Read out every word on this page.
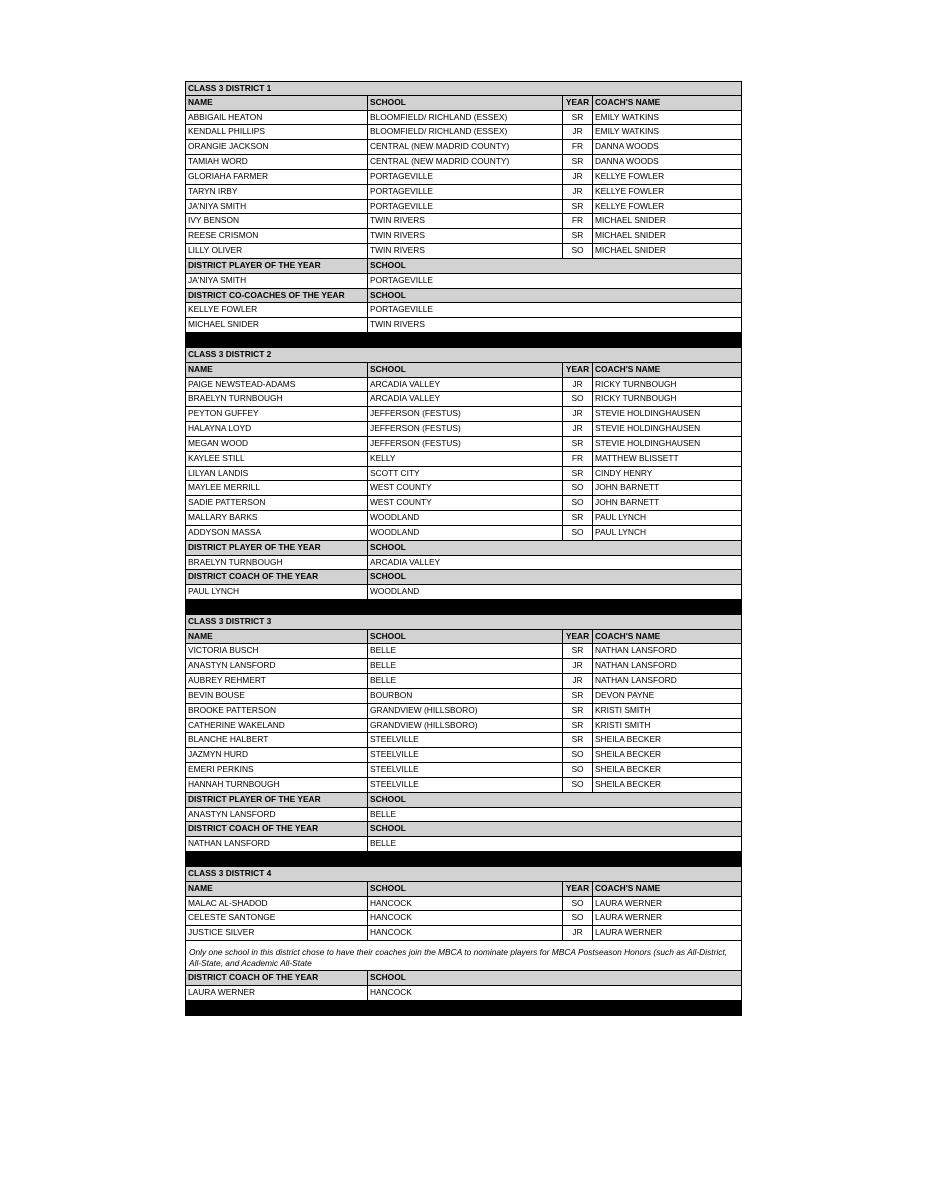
CLASS 3 DISTRICT 1
NAME	SCHOOL	YEAR COACH'S NAME
ABBIGAIL HEATON	BLOOMFIELD/ RICHLAND (ESSEX)	SR	EMILY WATKINS
KENDALL PHILLIPS	BLOOMFIELD/ RICHLAND (ESSEX)	JR	EMILY WATKINS
ORANGIE JACKSON	CENTRAL (NEW MADRID COUNTY)	FR	DANNA WOODS
TAMIAH WORD	CENTRAL (NEW MADRID COUNTY)	SR	DANNA WOODS
GLORIAHA FARMER	PORTAGEVILLE	JR	KELLYE FOWLER
TARYN IRBY	PORTAGEVILLE	JR	KELLYE FOWLER
JA'NIYA SMITH	PORTAGEVILLE	SR	KELLYE FOWLER
IVY BENSON	TWIN RIVERS	FR	MICHAEL SNIDER
REESE CRISMON	TWIN RIVERS	SR	MICHAEL SNIDER
LILLY OLIVER	TWIN RIVERS	SO	MICHAEL SNIDER
DISTRICT PLAYER OF THE YEAR	SCHOOL
JA'NIYA SMITH	PORTAGEVILLE
DISTRICT CO-COACHES OF THE YEAR	SCHOOL
KELLYE FOWLER	PORTAGEVILLE
MICHAEL SNIDER	TWIN RIVERS
CLASS 3 DISTRICT 2
NAME	SCHOOL	YEAR COACH'S NAME
PAIGE NEWSTEAD-ADAMS	ARCADIA VALLEY	JR	RICKY TURNBOUGH
BRAELYN TURNBOUGH	ARCADIA VALLEY	SO	RICKY TURNBOUGH
PEYTON GUFFEY	JEFFERSON (FESTUS)	JR	STEVIE HOLDINGHAUSEN
HALAYNA LOYD	JEFFERSON (FESTUS)	JR	STEVIE HOLDINGHAUSEN
MEGAN WOOD	JEFFERSON (FESTUS)	SR	STEVIE HOLDINGHAUSEN
KAYLEE STILL	KELLY	FR	MATTHEW BLISSETT
LILYAN LANDIS	SCOTT CITY	SR	CINDY HENRY
MAYLEE MERRILL	WEST COUNTY	SO	JOHN BARNETT
SADIE PATTERSON	WEST COUNTY	SO	JOHN BARNETT
MALLARY BARKS	WOODLAND	SR	PAUL LYNCH
ADDYSON MASSA	WOODLAND	SO	PAUL LYNCH
DISTRICT PLAYER OF THE YEAR	SCHOOL
BRAELYN TURNBOUGH	ARCADIA VALLEY
DISTRICT COACH OF THE YEAR	SCHOOL
PAUL LYNCH	WOODLAND
CLASS 3 DISTRICT 3
NAME	SCHOOL	YEAR COACH'S NAME
VICTORIA BUSCH	BELLE	SR	NATHAN LANSFORD
ANASTYN LANSFORD	BELLE	JR	NATHAN LANSFORD
AUBREY REHMERT	BELLE	JR	NATHAN LANSFORD
BEVIN BOUSE	BOURBON	SR	DEVON PAYNE
BROOKE PATTERSON	GRANDVIEW (HILLSBORO)	SR	KRISTI SMITH
CATHERINE WAKELAND	GRANDVIEW (HILLSBORO)	SR	KRISTI SMITH
BLANCHE HALBERT	STEELVILLE	SR	SHEILA BECKER
JAZMYN HURD	STEELVILLE	SO	SHEILA BECKER
EMERI PERKINS	STEELVILLE	SO	SHEILA BECKER
HANNAH TURNBOUGH	STEELVILLE	SO	SHEILA BECKER
DISTRICT PLAYER OF THE YEAR	SCHOOL
ANASTYN LANSFORD	BELLE
DISTRICT COACH OF THE YEAR	SCHOOL
NATHAN LANSFORD	BELLE
CLASS 3 DISTRICT 4
NAME	SCHOOL	YEAR COACH'S NAME
MALAC AL-SHADOD	HANCOCK	SO	LAURA WERNER
CELESTE SANTONGE	HANCOCK	SO	LAURA WERNER
JUSTICE SILVER	HANCOCK	JR	LAURA WERNER
Only one school in this district chose to have their coaches join the MBCA to nominate players for MBCA Postseason Honors (such as All-District, All-State, and Academic All-State
DISTRICT COACH OF THE YEAR	SCHOOL
LAURA WERNER	HANCOCK
